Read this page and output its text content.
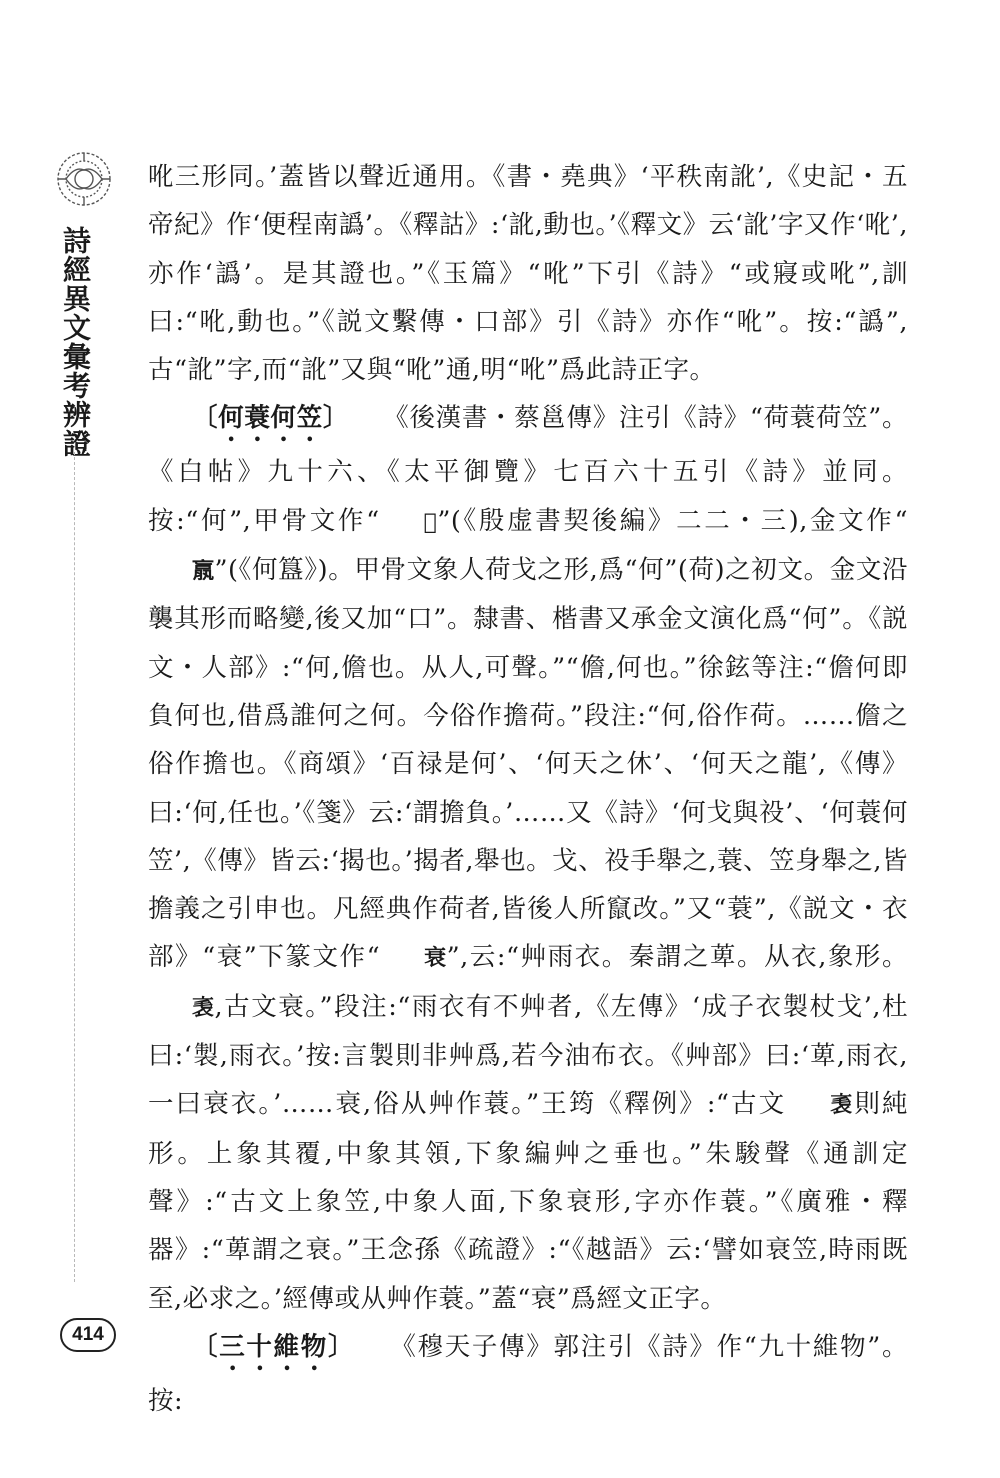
詩經異文彙考辨證
414

吪三形同。’蓋皆以聲近通用。《書・堯典》‘平秩南訛’,《史記・五帝紀》作‘便程南譌’。《釋詁》:‘訛,動也。’《釋文》云‘訛’字又作‘吪’,亦作‘譌’。是其證也。”《玉篇》“吪”下引《詩》“或寢或吪”,訓曰:“吪,動也。”《説文繫傳・口部》引《詩》亦作“吪”。按:“譌”,古“訛”字,而“訛”又與“吪”通,明“吪”爲此詩正字。

〔何蓑何笠〕 《後漢書・蔡邕傳》注引《詩》“荷蓑荷笠”。《白帖》九十六、《太平御覽》七百六十五引《詩》並同。按:“何”,甲骨文作“ 𠕉”(《殷虚書契後編》二二・三),金文作“𣎆”(《何簋》)。甲骨文象人荷戈之形,爲“何”(荷)之初文。金文沿襲其形而略變,後又加“口”。隸書、楷書又承金文演化爲“何”。《説文・人部》:“何,儋也。从人,可聲。”“儋,何也。”徐鉉等注:“儋何即負何也,借爲誰何之何。今俗作擔荷。”段注:“何,俗作荷。……儋之俗作擔也。《商頌》‘百禄是何’、‘何天之休’、‘何天之龍’,《傳》曰:‘何,任也。’《箋》云:‘謂擔負。’……又《詩》‘何戈與祋’、‘何蓑何笠’,《傳》皆云:‘揭也。’揭者,舉也。戈、祋手舉之,蓑、笠身舉之,皆擔義之引申也。凡經典作荷者,皆後人所竄改。”又“蓑”,《説文・衣部》“衰”下篆文作“ 衰”,云:“艸雨衣。秦謂之萆。从衣,象形。𧘝,古文衰。”段注:“雨衣有不艸者,《左傳》‘成子衣製杖戈’,杜曰:‘製,雨衣。’按:言製則非艸爲,若今油布衣。《艸部》曰:‘萆,雨衣,一曰衰衣。’……衰,俗从艸作蓑。”王筠《釋例》:“古文 𧘝則純形。上象其覆,中象其領,下象編艸之垂也。”朱駿聲《通訓定聲》:“古文上象笠,中象人面,下象衰形,字亦作蓑。”《廣雅・釋器》:“萆謂之衰。”王念孫《疏證》:“《越語》云:‘譬如衰笠,時雨既至,必求之。’經傳或从艸作蓑。”蓋“衰”爲經文正字。

〔三十維物〕 《穆天子傳》郭注引《詩》作“九十維物”。按:
